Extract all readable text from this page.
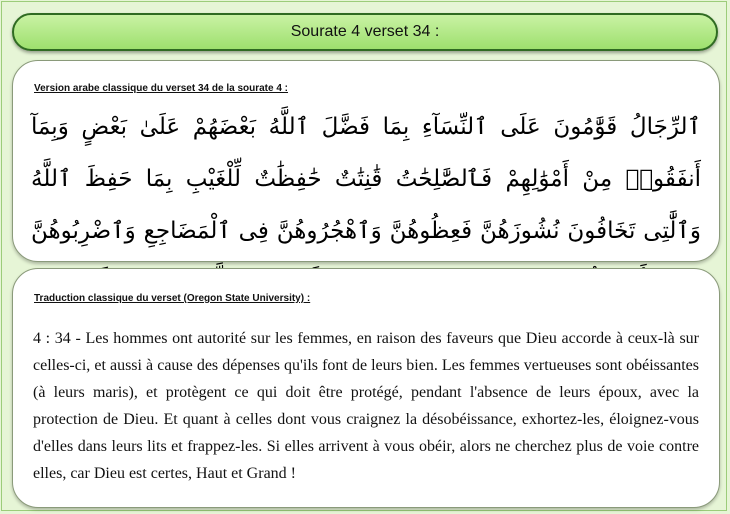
Sourate 4 verset 34 :
Version arabe classique du verset 34 de la sourate 4 :
ٱلرِّجَالُ قَوَّٰمُونَ عَلَى ٱلنِّسَآءِ بِمَا فَضَّلَ ٱللَّهُ بَعْضَهُمْ عَلَىٰ بَعْضٍ وَبِمَآ أَنفَقُوا۟ مِنْ أَمْوَٰلِهِمْ فَٱلصَّٰلِحَٰتُ قَٰنِتَٰتٌ حَٰفِظَٰتٌ لِّلْغَيْبِ بِمَا حَفِظَ ٱللَّهُ وَٱلَّٰتِى تَخَافُونَ نُشُوزَهُنَّ فَعِظُوهُنَّ وَٱهْجُرُوهُنَّ فِى ٱلْمَضَاجِعِ وَٱضْرِبُوهُنَّ
Traduction classique du verset (Oregon State University) :
4 : 34 - Les hommes ont autorité sur les femmes, en raison des faveurs que Dieu accorde à ceux-là sur celles-ci, et aussi à cause des dépenses qu'ils font de leurs bien. Les femmes vertueuses sont obéissantes (à leurs maris), et protègent ce qui doit être protégé, pendant l'absence de leurs époux, avec la protection de Dieu. Et quant à celles dont vous craignez la désobéissance, exhortez-les, éloignez-vous d'elles dans leurs lits et frappez-les. Si elles arrivent à vous obéir, alors ne cherchez plus de voie contre elles, car Dieu est certes, Haut et Grand !
